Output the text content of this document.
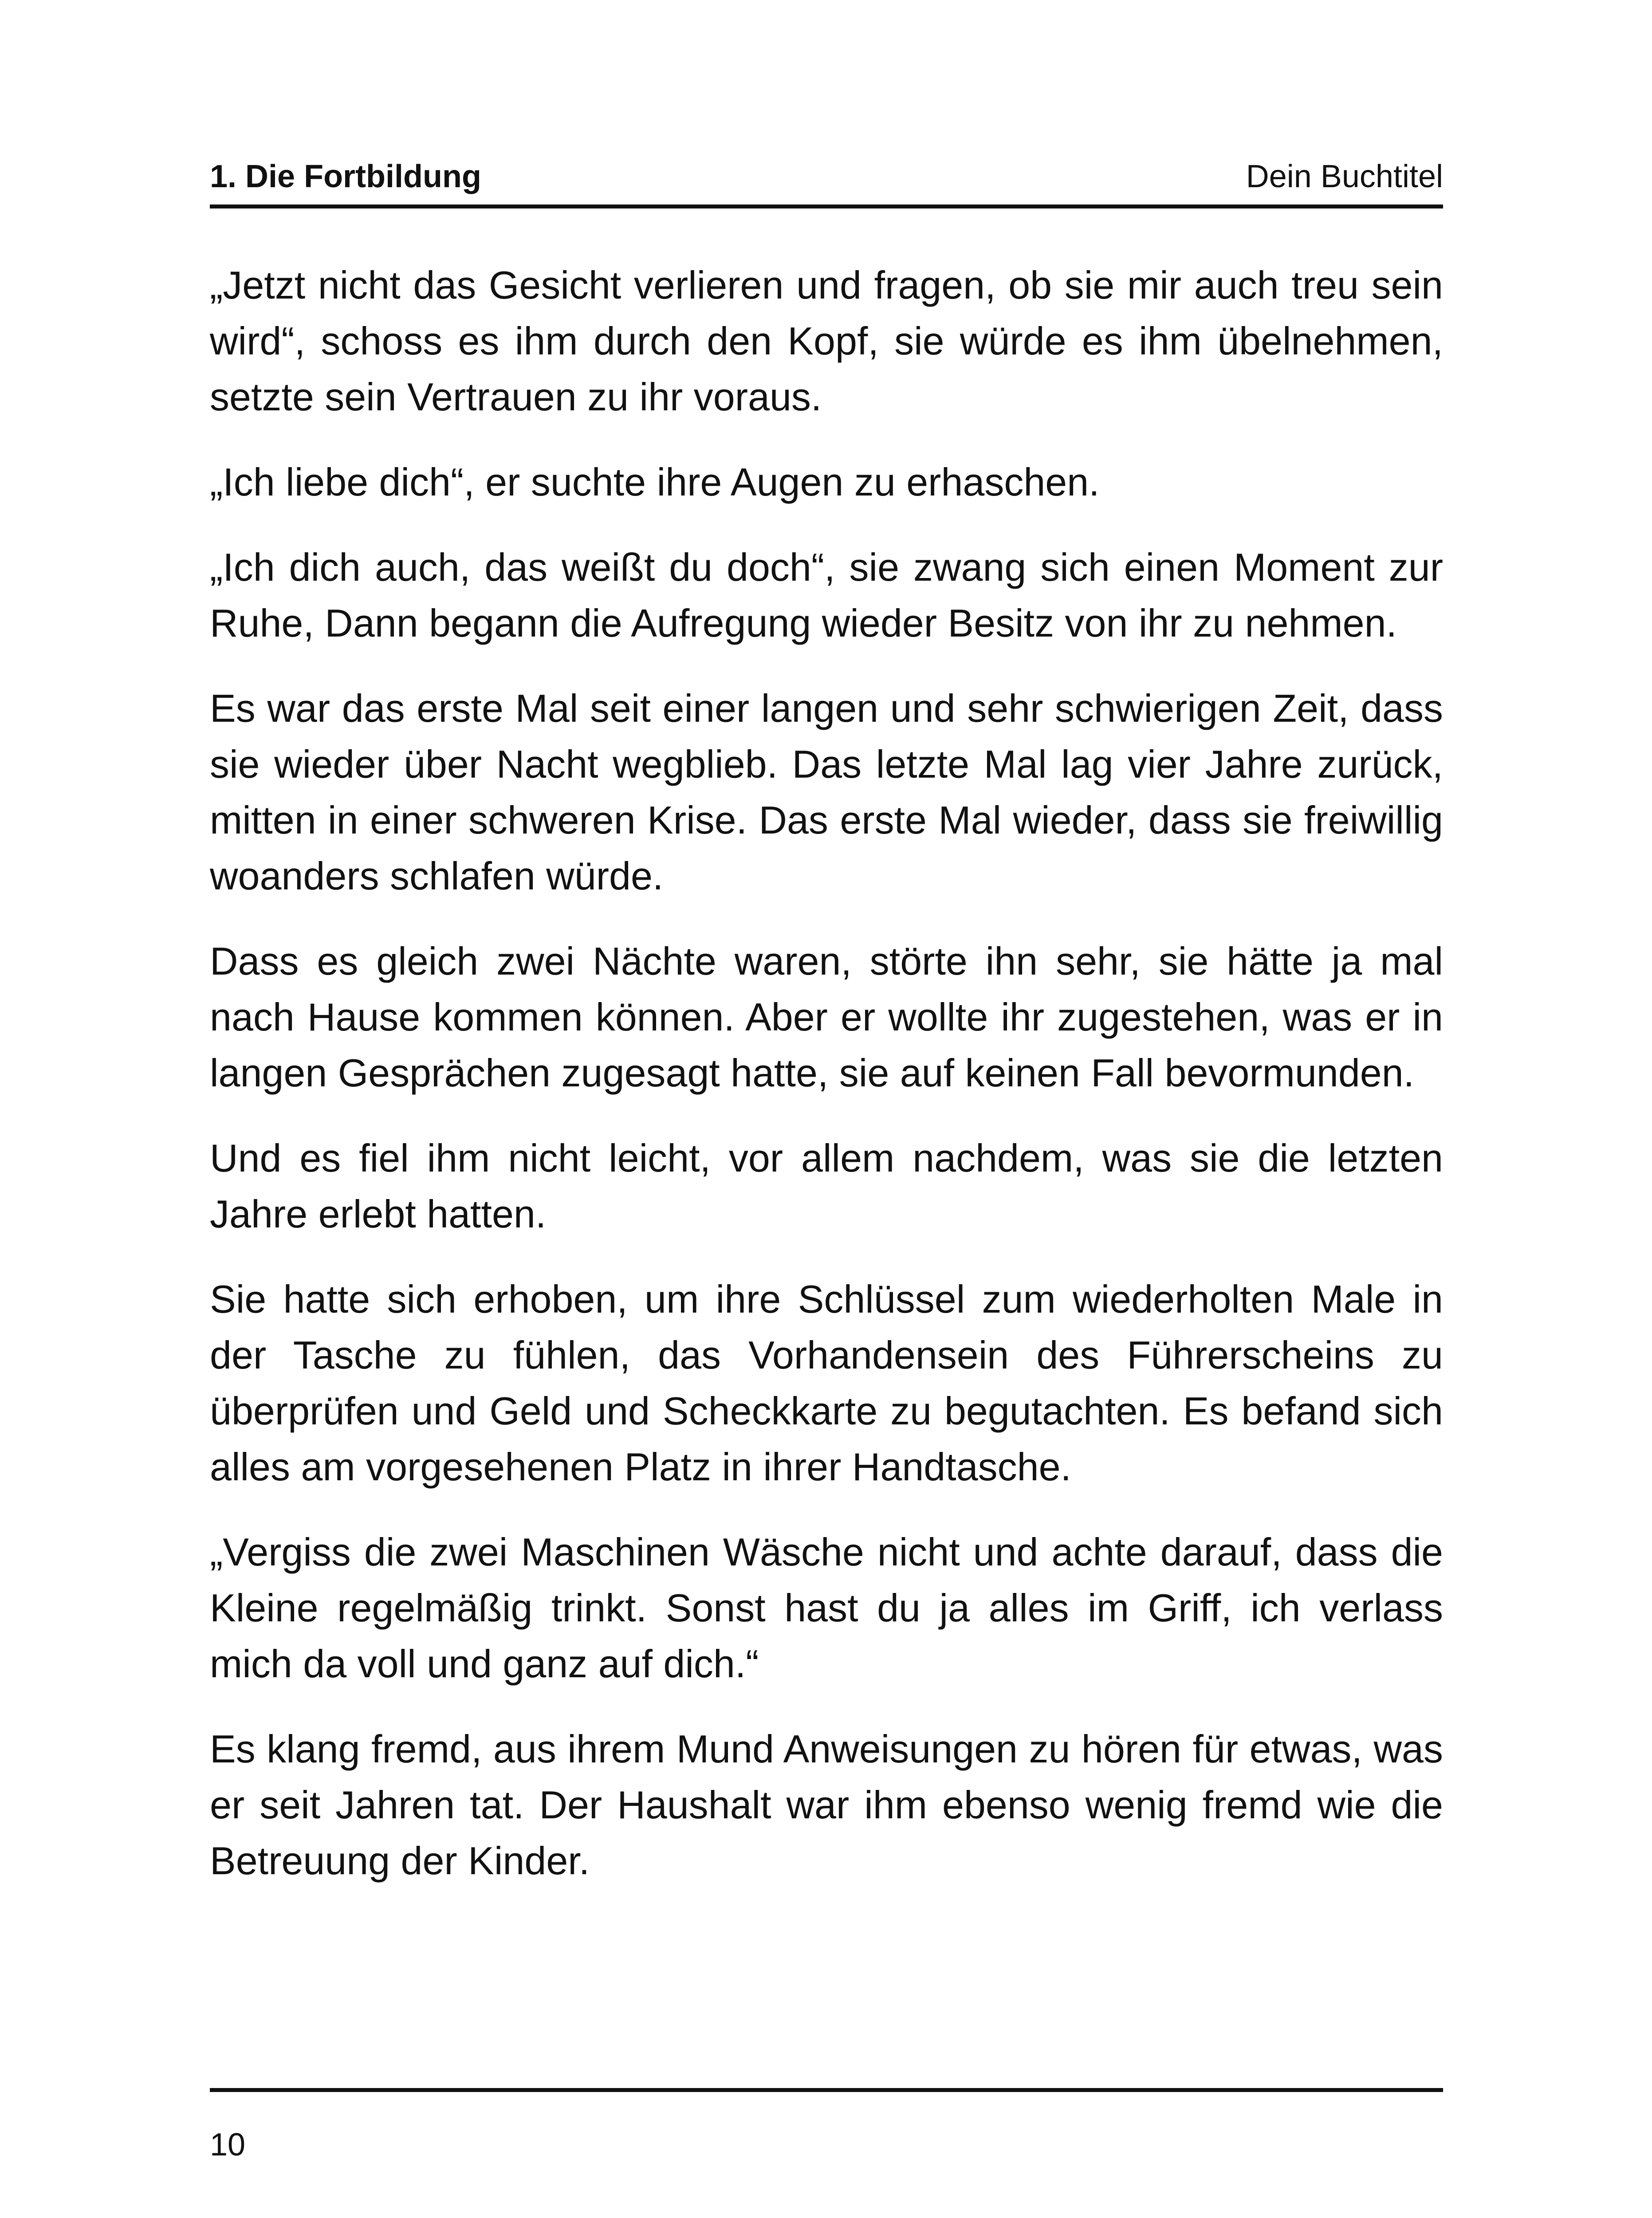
1. Die Fortbildung	Dein Buchtitel

„Jetzt nicht das Gesicht verlieren und fragen, ob sie mir auch treu sein wird“, schoss es ihm durch den Kopf, sie würde es ihm übelnehmen, setzte sein Vertrauen zu ihr voraus.

„Ich liebe dich“, er suchte ihre Augen zu erhaschen.

„Ich dich auch, das weißt du doch“, sie zwang sich einen Moment zur Ruhe, Dann begann die Aufregung wieder Besitz von ihr zu nehmen.

Es war das erste Mal seit einer langen und sehr schwierigen Zeit, dass sie wieder über Nacht wegblieb. Das letzte Mal lag vier Jahre zurück, mitten in einer schweren Krise. Das erste Mal wieder, dass sie freiwillig woanders schlafen würde.

Dass es gleich zwei Nächte waren, störte ihn sehr, sie hätte ja mal nach Hause kommen können. Aber er wollte ihr zugestehen, was er in langen Gesprächen zugesagt hatte, sie auf keinen Fall bevormunden.

Und es fiel ihm nicht leicht, vor allem nachdem, was sie die letzten Jahre erlebt hatten.

Sie hatte sich erhoben, um ihre Schlüssel zum wiederholten Male in der Tasche zu fühlen, das Vorhandensein des Führerscheins zu überprüfen und Geld und Scheckkarte zu begutachten. Es befand sich alles am vorgesehenen Platz in ihrer Handtasche.

„Vergiss die zwei Maschinen Wäsche nicht und achte darauf, dass die Kleine regelmäßig trinkt. Sonst hast du ja alles im Griff, ich verlass mich da voll und ganz auf dich.“

Es klang fremd, aus ihrem Mund Anweisungen zu hören für etwas, was er seit Jahren tat. Der Haushalt war ihm ebenso wenig fremd wie die Betreuung der Kinder.

10
